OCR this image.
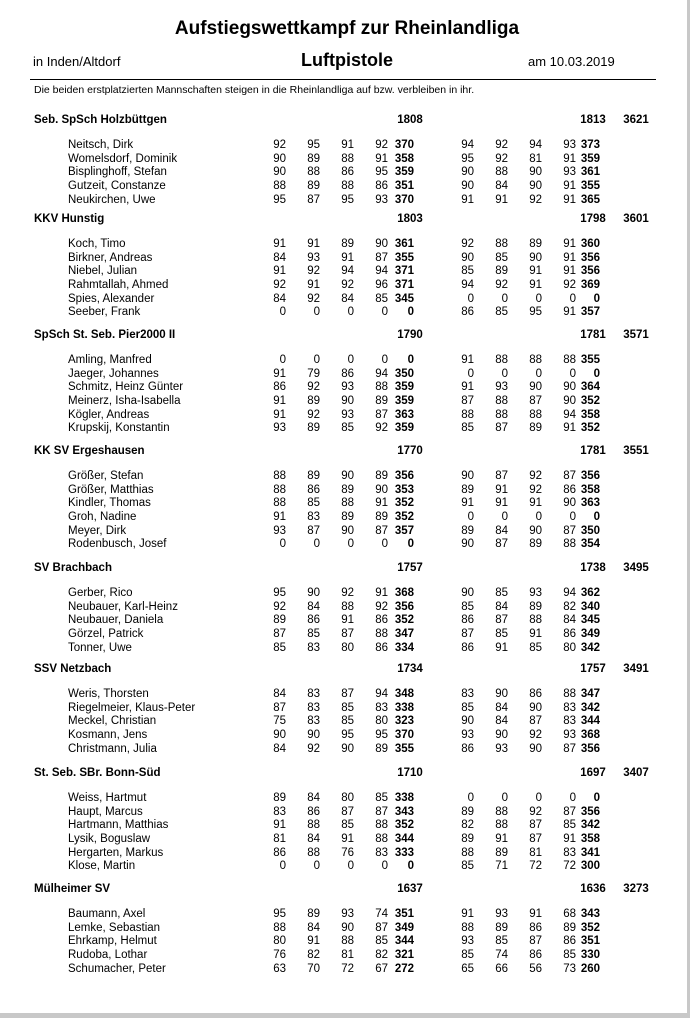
Aufstiegswettkampf zur Rheinlandliga
in Inden/Altdorf	Luftpistole	am 10.03.2019
Die beiden erstplatzierten Mannschaften steigen in die Rheinlandliga auf bzw. verbleiben in ihr.
Seb. SpSch Holzbüttgen	1808	1813	3621
Neitsch, Dirk	92	95	91	92 370	94	92	94	93 373
Womelsdorf, Dominik	90	89	88	91 358	95	92	81	91 359
Bisplinghoff, Stefan	90	88	86	95 359	90	88	90	93 361
Gutzeit, Constanze	88	89	88	86 351	90	84	90	91 355
Neukirchen, Uwe	95	87	95	93 370	91	91	92	91 365
KKV Hunstig	1803	1798	3601
Koch, Timo	91	91	89	90 361	92	88	89	91 360
Birkner, Andreas	84	93	91	87 355	90	85	90	91 356
Niebel, Julian	91	92	94	94 371	85	89	91	91 356
Rahmtallah, Ahmed	92	91	92	96 371	94	92	91	92 369
Spies, Alexander	84	92	84	85 345	0	0	0	0	0
Seeber, Frank	0	0	0	0	0	86	85	95	91 357
SpSch St. Seb. Pier2000 II	1790	1781	3571
Amling, Manfred	0	0	0	0	0	91	88	88	88 355
Jaeger, Johannes	91	79	86	94 350	0	0	0	0	0
Schmitz, Heinz Günter	86	92	93	88 359	91	93	90	90 364
Meinerz, Isha-Isabella	91	89	90	89 359	87	88	87	90 352
Kögler, Andreas	91	92	93	87 363	88	88	88	94 358
Krupskij, Konstantin	93	89	85	92 359	85	87	89	91 352
KK SV Ergeshausen	1770	1781	3551
Größer, Stefan	88	89	90	89 356	90	87	92	87 356
Größer, Matthias	88	86	89	90 353	89	91	92	86 358
Kindler, Thomas	88	85	88	91 352	91	91	91	90 363
Groh, Nadine	91	83	89	89 352	0	0	0	0	0
Meyer, Dirk	93	87	90	87 357	89	84	90	87 350
Rodenbusch, Josef	0	0	0	0	0	90	87	89	88 354
SV Brachbach	1757	1738	3495
Gerber, Rico	95	90	92	91 368	90	85	93	94 362
Neubauer, Karl-Heinz	92	84	88	92 356	85	84	89	82 340
Neubauer, Daniela	89	86	91	86 352	86	87	88	84 345
Görzel, Patrick	87	85	87	88 347	87	85	91	86 349
Tonner, Uwe	85	83	80	86 334	86	91	85	80 342
SSV Netzbach	1734	1757	3491
Weris, Thorsten	84	83	87	94 348	83	90	86	88 347
Riegelmeier, Klaus-Peter	87	83	85	83 338	85	84	90	83 342
Meckel, Christian	75	83	85	80 323	90	84	87	83 344
Kosmann, Jens	90	90	95	95 370	93	90	92	93 368
Christmann, Julia	84	92	90	89 355	86	93	90	87 356
St. Seb. SBr. Bonn-Süd	1710	1697	3407
Weiss, Hartmut	89	84	80	85 338	0	0	0	0	0
Haupt, Marcus	83	86	87	87 343	89	88	92	87 356
Hartmann, Matthias	91	88	85	88 352	82	88	87	85 342
Lysik, Boguslaw	81	84	91	88 344	89	91	87	91 358
Hergarten, Markus	86	88	76	83 333	88	89	81	83 341
Klose, Martin	0	0	0	0	0	85	71	72	72 300
Mülheimer SV	1637	1636	3273
Baumann, Axel	95	89	93	74 351	91	93	91	68 343
Lemke, Sebastian	88	84	90	87 349	88	89	86	89 352
Ehrkamp, Helmut	80	91	88	85 344	93	85	87	86 351
Rudoba, Lothar	76	82	81	82 321	85	74	86	85 330
Schumacher, Peter	63	70	72	67 272	65	66	56	73 260
